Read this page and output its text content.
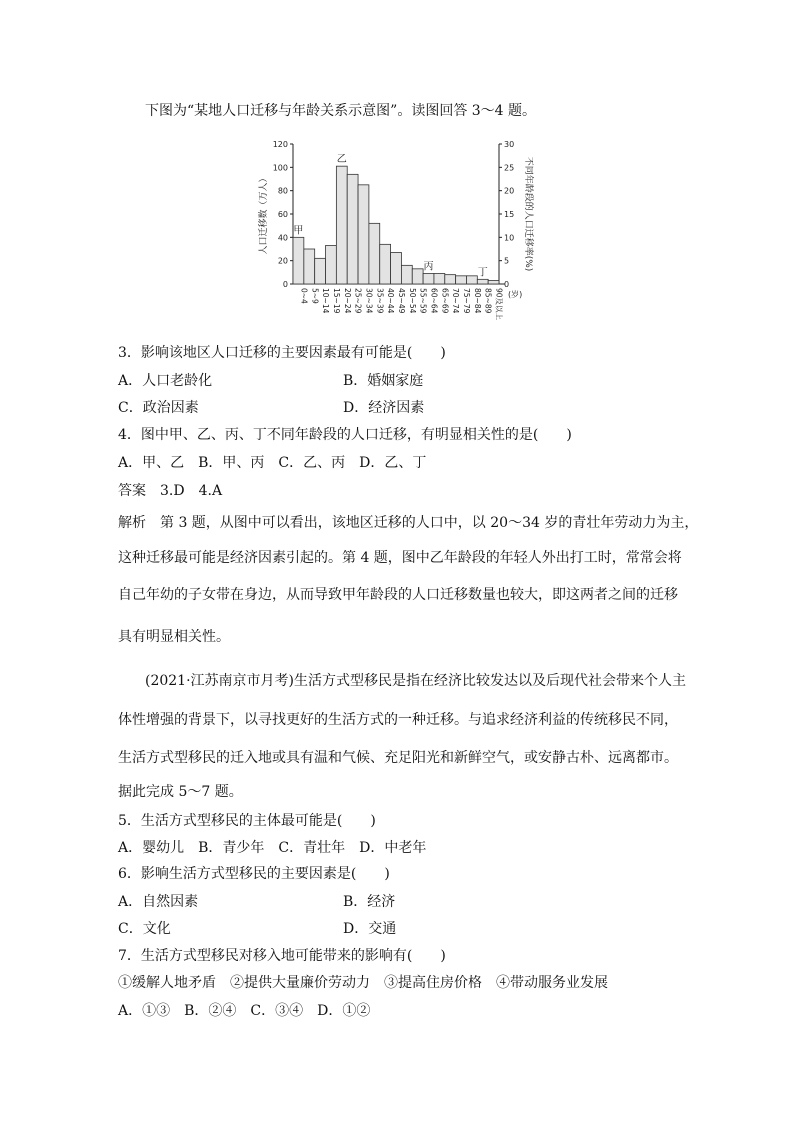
下图为“某地人口迁移与年龄关系示意图”。读图回答 3～4 题。
0
20
40
60
80
100
120
0
5
10
15
20
25
30
0~4 5~9 10~14 15~19 20~24 25~29 30~34 35~39 40~44 45~49 50~54 55~59 60~64 65~69 70~74 75~79 80~84 85~89 90及以上 (岁)
甲
乙
丙
丁
人口迁移数（万人）	不同年龄段的人口迁移率(%)
3．影响该地区人口迁移的主要因素最有可能是(　　)
A．人口老龄化	B．婚姻家庭
C．政治因素	D．经济因素
4．图中甲、乙、丙、丁不同年龄段的人口迁移，有明显相关性的是(　　)
A．甲、乙　B．甲、丙　C．乙、丙　D．乙、丁
答案　3.D　4.A
解析　第 3 题，从图中可以看出，该地区迁移的人口中，以 20～34 岁的青壮年劳动力为主，
这种迁移最可能是经济因素引起的。第 4 题，图中乙年龄段的年轻人外出打工时，常常会将
自己年幼的子女带在身边，从而导致甲年龄段的人口迁移数量也较大，即这两者之间的迁移
具有明显相关性。
(2021·江苏南京市月考)生活方式型移民是指在经济比较发达以及后现代社会带来个人主
体性增强的背景下，以寻找更好的生活方式的一种迁移。与追求经济利益的传统移民不同，
生活方式型移民的迁入地或具有温和气候、充足阳光和新鲜空气，或安静古朴、远离都市。
据此完成 5～7 题。
5．生活方式型移民的主体最可能是(　　)
A．婴幼儿　B．青少年　C．青壮年　D．中老年
6．影响生活方式型移民的主要因素是(　　)
A．自然因素	B．经济
C．文化	D．交通
7．生活方式型移民对移入地可能带来的影响有(　　)
①缓解人地矛盾　②提供大量廉价劳动力　③提高住房价格　④带动服务业发展
A．①③　B．②④　C．③④　D．①②
